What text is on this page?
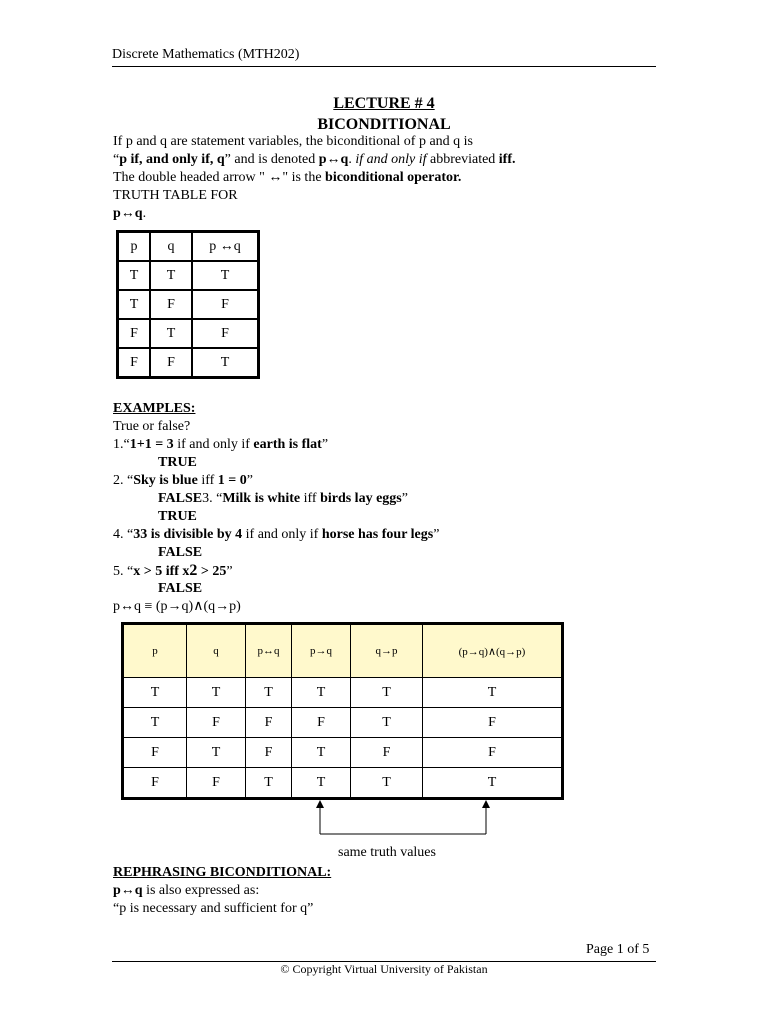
Discrete Mathematics (MTH202)
LECTURE # 4
BICONDITIONAL
If p and q are statement variables, the biconditional of p and q is
“p if, and only if, q” and is denoted p↔q. if and only if abbreviated iff.
The double headed arrow " ↔" is the biconditional operator.
TRUTH TABLE FOR
p↔q.
p	q	p ↔q
T	T	T
T	F	F
F	T	F
F	F	T
EXAMPLES:
True or false?
1.“1+1 = 3 if and only if earth is flat”
TRUE
2. “Sky is blue iff 1 = 0”
FALSE3. “Milk is white iff birds lay eggs”
TRUE
4. “33 is divisible by 4 if and only if horse has four legs”
FALSE
5. “x > 5 iff x2 > 25”
FALSE
p↔q ≡ (p→q)∧(q→p)
p	q	p↔q	p→q	q→p	(p→q)∧(q→p)
T	T	T	T	T	T
T	F	F	F	T	F
F	T	F	T	F	F
F	F	T	T	T	T
same truth values
REPHRASING BICONDITIONAL:
p↔q is also expressed as:
“p is necessary and sufficient for q”
Page 1 of 5
© Copyright Virtual University of Pakistan
